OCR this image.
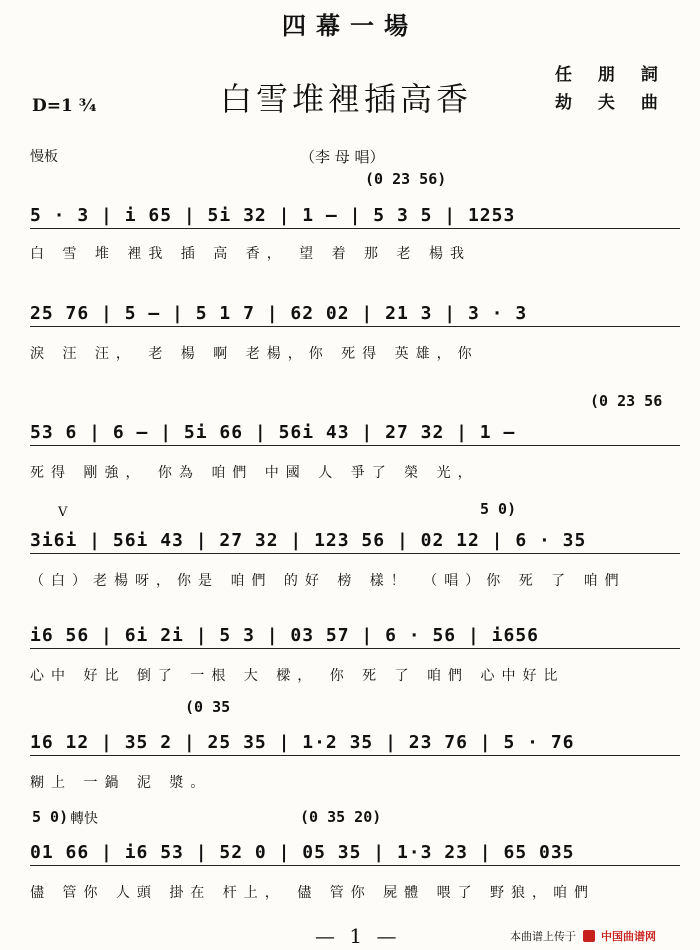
四幕一場
白雪堆裡插高香
任 朋 詞
劫 夫 曲
D=1 ¾
慢板	（李 母 唱）
(0 23 56)
(0 23 56
5 0)
(0 35
5 0)	(0 35 20)
轉快
V
5 · 3 | i 65 | 5i 32 | 1 — | 5 3 5 | 1253
白 雪 堆 裡我 插 高 香， 望 着 那 老 楊我
25 76 | 5 — | 5 1 7 | 62 02 | 21 3 | 3 · 3
淚 汪 汪， 老 楊 啊 老楊，你 死得 英雄，你
53 6 | 6 — | 5i 66 | 56i 43 | 27 32 | 1 —
死得 剛強， 你為 咱們 中國 人 爭了 榮 光，
3i6i | 56i 43 | 27 32 | 123 56 | 02 12 | 6 · 35
（白）老楊呀，你是 咱們 的好 榜 樣！ （唱）你 死 了 咱們
i6 56 | 6i 2i | 5 3 | 03 57 | 6 · 56 | i656
心中 好比 倒了 一根 大 樑， 你 死 了 咱們 心中好比
16 12 | 35 2 | 25 35 | 1·2 35 | 23 76 | 5 · 76
糊上 一鍋 泥 漿。
01 66 | i6 53 | 52 0 | 05 35 | 1·3 23 | 65 035
儘 管你 人頭 掛在 杆上， 儘 管你 屍體 喂了 野狼，咱們
— 1 —	本曲谱上传于 中国曲谱网
